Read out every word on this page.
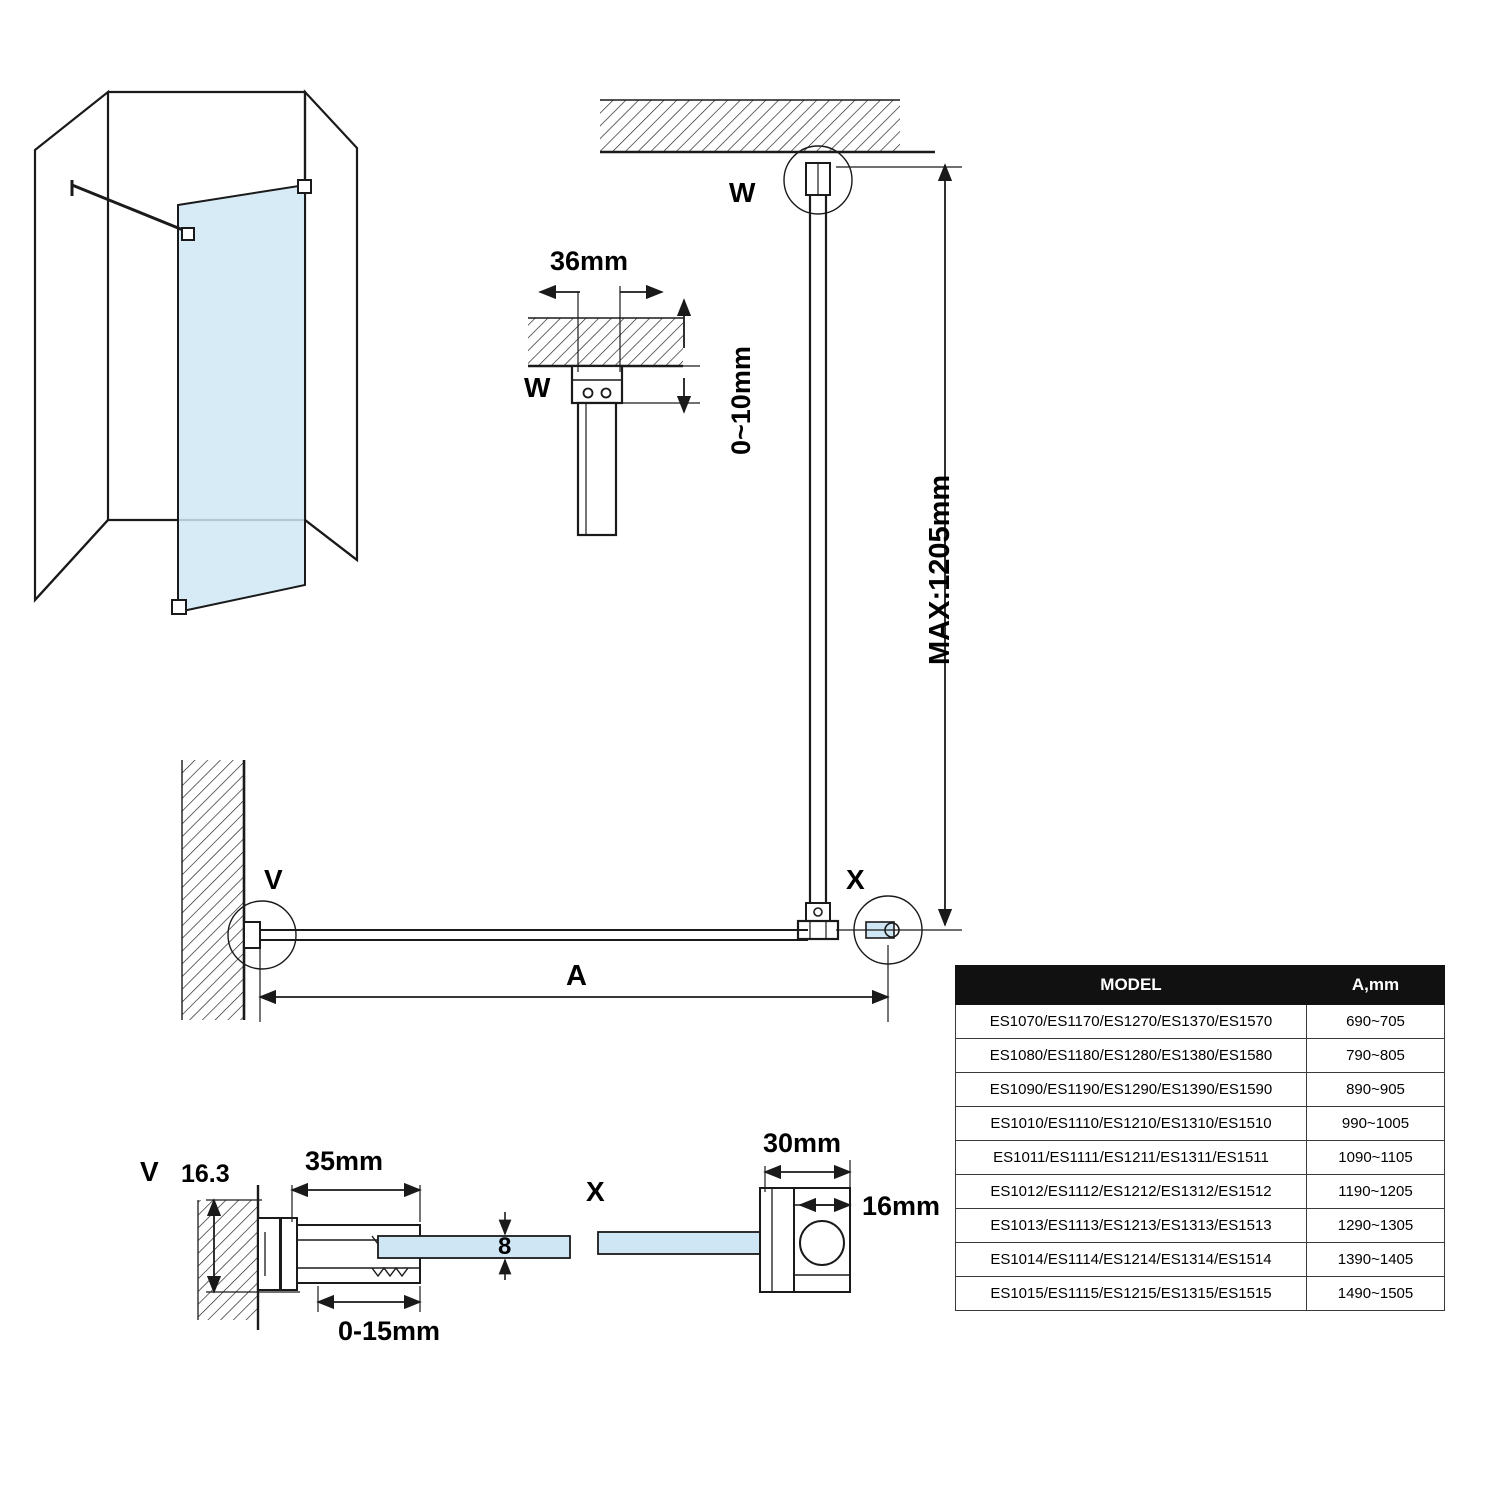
36mm
0~10mm
W
W
MAX:1205mm
X
V
A
V 16.3	35mm
8
0-15mm
X
30mm
16mm
MODEL	A,mm
ES1070/ES1170/ES1270/ES1370/ES1570	690~705
ES1080/ES1180/ES1280/ES1380/ES1580	790~805
ES1090/ES1190/ES1290/ES1390/ES1590	890~905
ES1010/ES1110/ES1210/ES1310/ES1510	990~1005
ES1011/ES1111/ES1211/ES1311/ES1511	1090~1105
ES1012/ES1112/ES1212/ES1312/ES1512	1190~1205
ES1013/ES1113/ES1213/ES1313/ES1513	1290~1305
ES1014/ES1114/ES1214/ES1314/ES1514	1390~1405
ES1015/ES1115/ES1215/ES1315/ES1515	1490~1505
